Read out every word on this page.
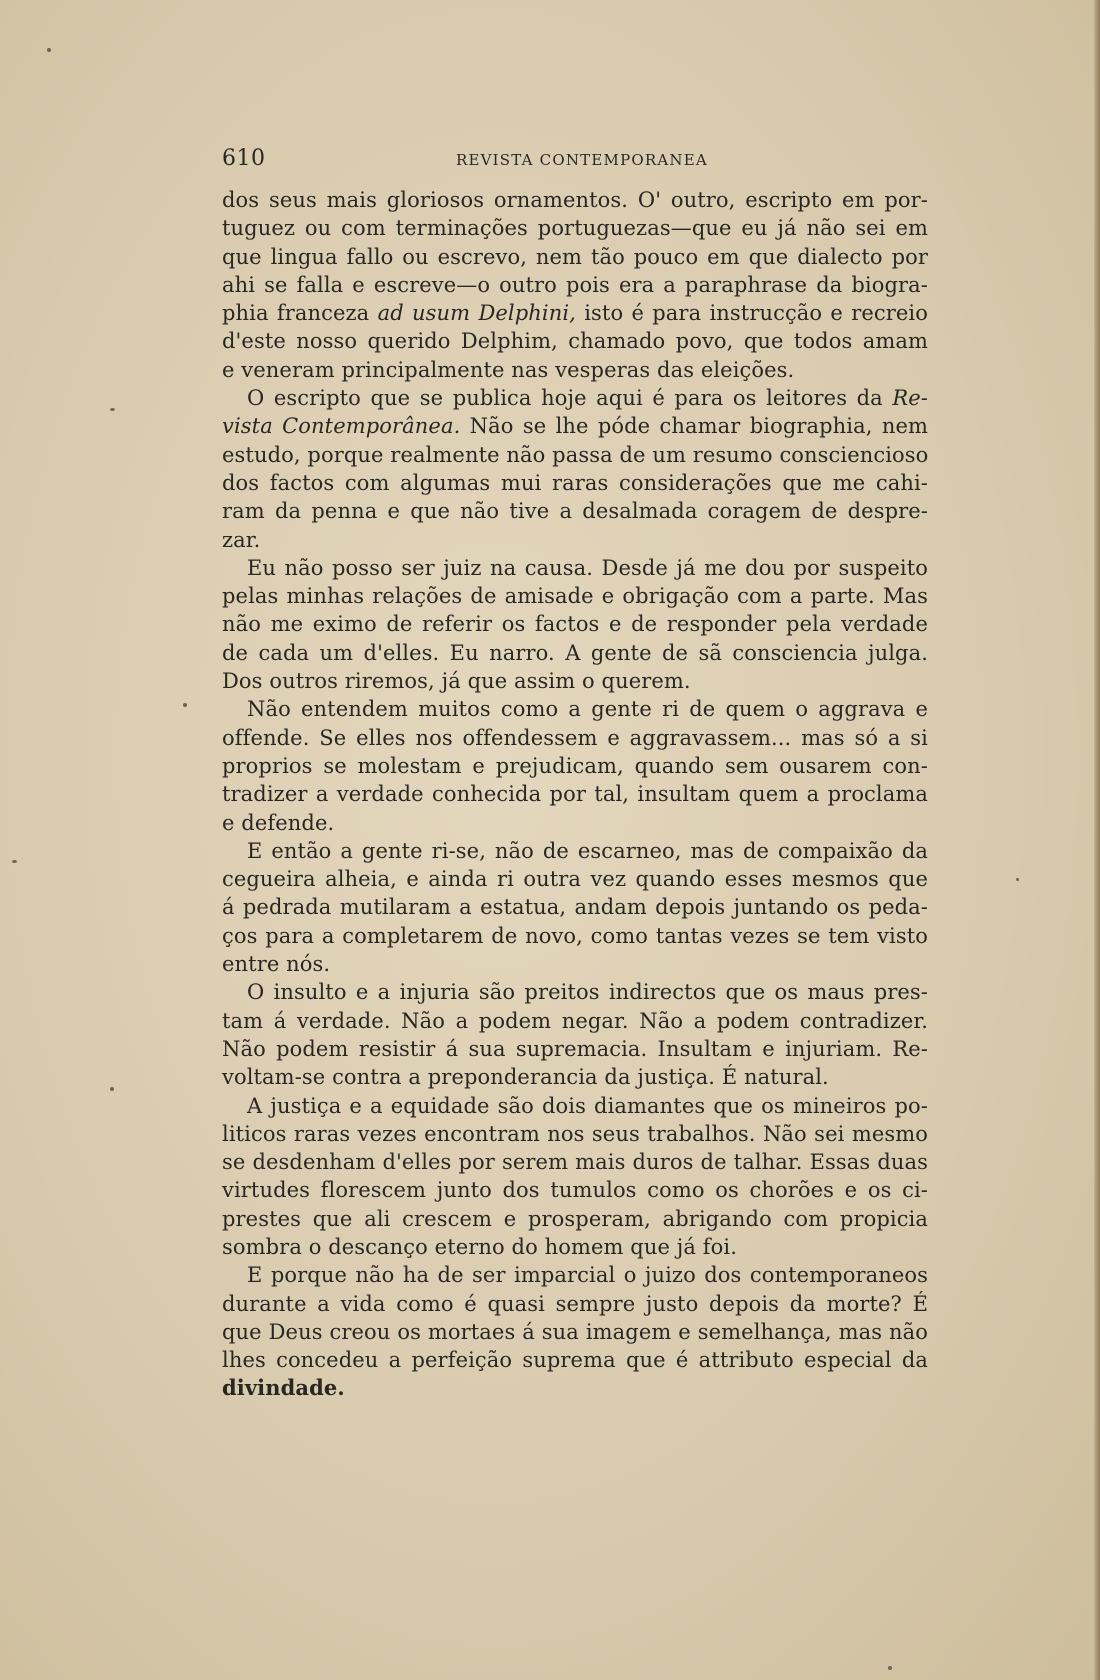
610	REVISTA CONTEMPORANEA
dos seus mais gloriosos ornamentos. O' outro, escripto em por-
tuguez ou com terminações portuguezas—que eu já não sei em
que lingua fallo ou escrevo, nem tão pouco em que dialecto por
ahi se falla e escreve—o outro pois era a paraphrase da biogra-
phia franceza ad usum Delphini, isto é para instrucção e recreio
d'este nosso querido Delphim, chamado povo, que todos amam
e veneram principalmente nas vesperas das eleições.
O escripto que se publica hoje aqui é para os leitores da Re-
vista Contemporânea. Não se lhe póde chamar biographia, nem
estudo, porque realmente não passa de um resumo consciencioso
dos factos com algumas mui raras considerações que me cahi-
ram da penna e que não tive a desalmada coragem de despre-
zar.
Eu não posso ser juiz na causa. Desde já me dou por suspeito
pelas minhas relações de amisade e obrigação com a parte. Mas
não me eximo de referir os factos e de responder pela verdade
de cada um d'elles. Eu narro. A gente de sã consciencia julga.
Dos outros riremos, já que assim o querem.
Não entendem muitos como a gente ri de quem o aggrava e
offende. Se elles nos offendessem e aggravassem... mas só a si
proprios se molestam e prejudicam, quando sem ousarem con-
tradizer a verdade conhecida por tal, insultam quem a proclama
e defende.
E então a gente ri-se, não de escarneo, mas de compaixão da
cegueira alheia, e ainda ri outra vez quando esses mesmos que
á pedrada mutilaram a estatua, andam depois juntando os peda-
ços para a completarem de novo, como tantas vezes se tem visto
entre nós.
O insulto e a injuria são preitos indirectos que os maus pres-
tam á verdade. Não a podem negar. Não a podem contradizer.
Não podem resistir á sua supremacia. Insultam e injuriam. Re-
voltam-se contra a preponderancia da justiça. É natural.
A justiça e a equidade são dois diamantes que os mineiros po-
liticos raras vezes encontram nos seus trabalhos. Não sei mesmo
se desdenham d'elles por serem mais duros de talhar. Essas duas
virtudes florescem junto dos tumulos como os chorões e os ci-
prestes que ali crescem e prosperam, abrigando com propicia
sombra o descanço eterno do homem que já foi.
E porque não ha de ser imparcial o juizo dos contemporaneos
durante a vida como é quasi sempre justo depois da morte? É
que Deus creou os mortaes á sua imagem e semelhança, mas não
lhes concedeu a perfeição suprema que é attributo especial da
divindade.
